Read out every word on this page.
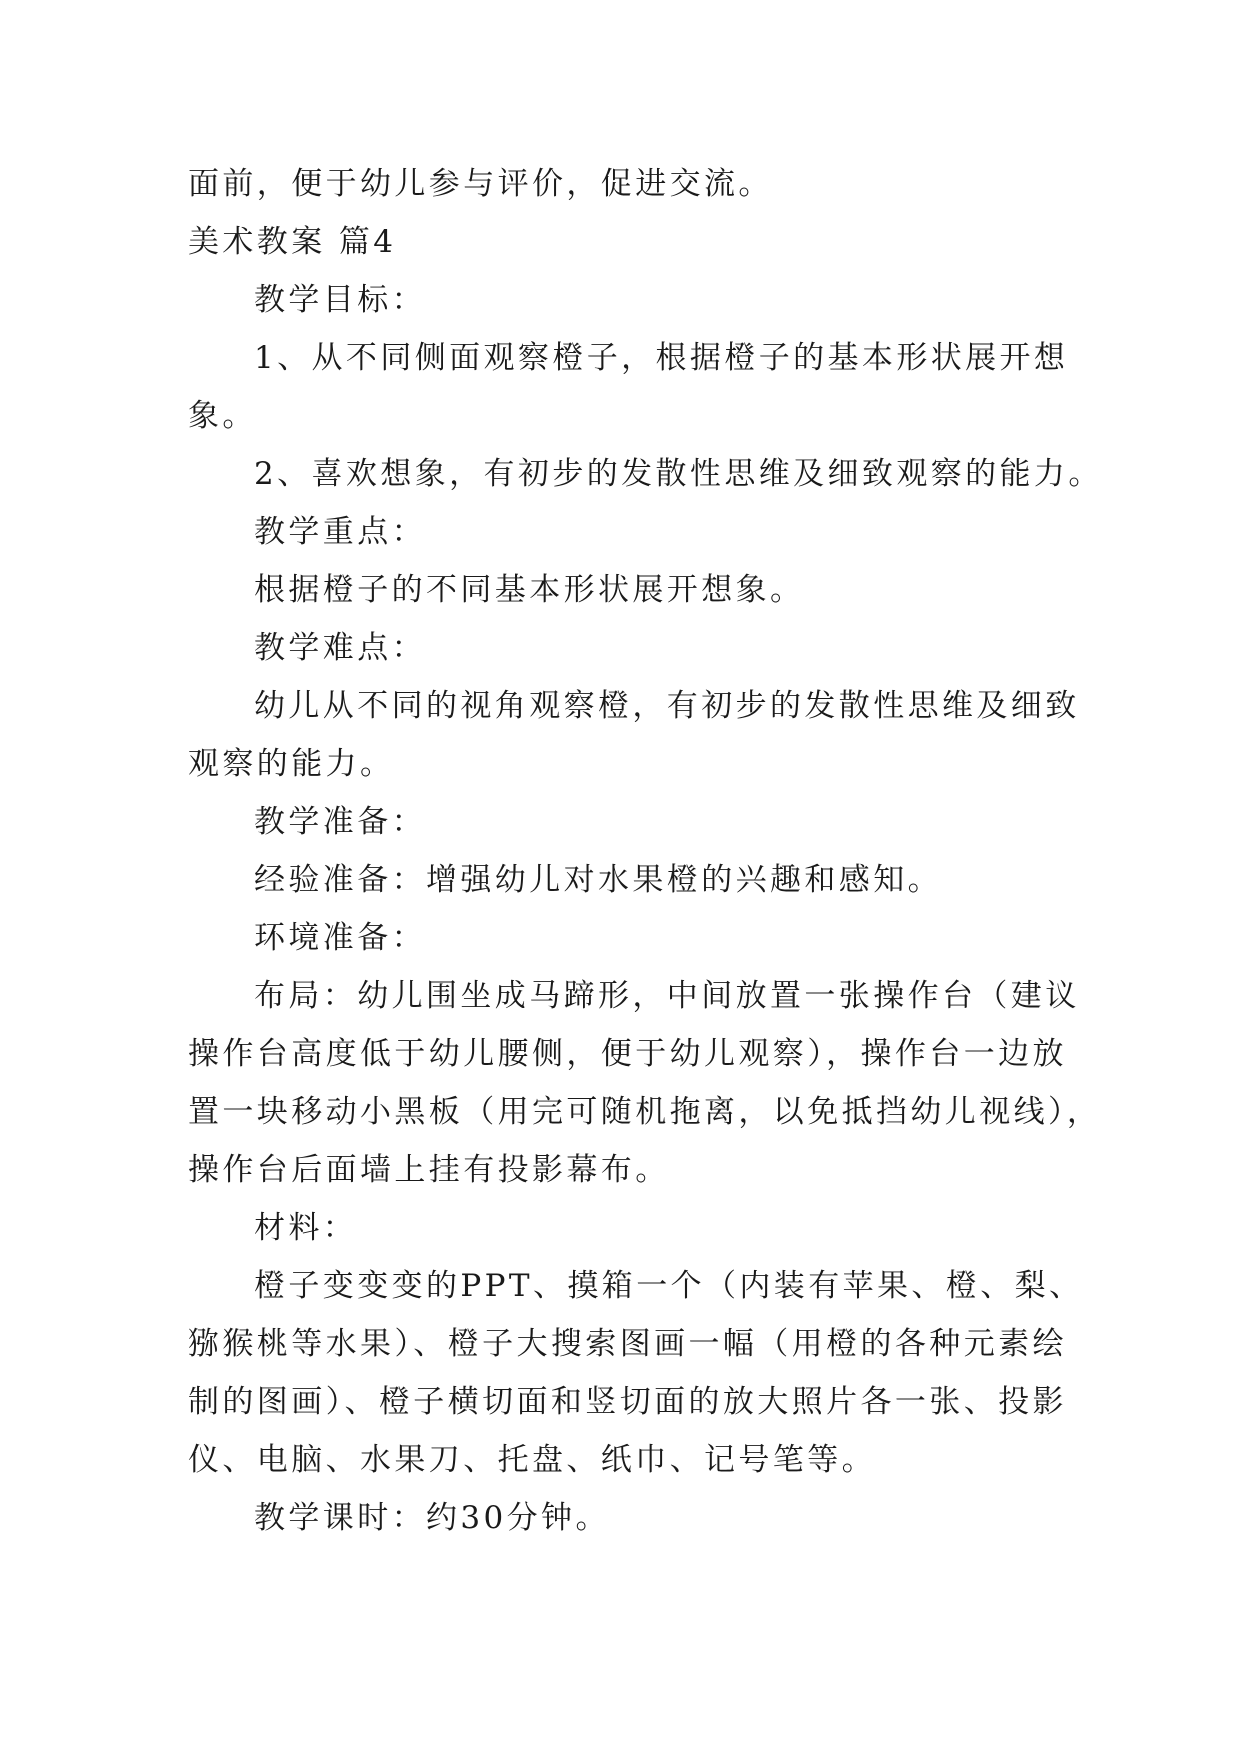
面前，便于幼儿参与评价，促进交流。
美术教案 篇4
教学目标：
1、从不同侧面观察橙子，根据橙子的基本形状展开想
象。
2、喜欢想象，有初步的发散性思维及细致观察的能力。
教学重点：
根据橙子的不同基本形状展开想象。
教学难点：
幼儿从不同的视角观察橙，有初步的发散性思维及细致
观察的能力。
教学准备：
经验准备：增强幼儿对水果橙的兴趣和感知。
环境准备：
布局：幼儿围坐成马蹄形，中间放置一张操作台（建议
操作台高度低于幼儿腰侧，便于幼儿观察），操作台一边放
置一块移动小黑板（用完可随机拖离，以免抵挡幼儿视线），
操作台后面墙上挂有投影幕布。
材料：
橙子变变变的PPT、摸箱一个（内装有苹果、橙、梨、
猕猴桃等水果）、橙子大搜索图画一幅（用橙的各种元素绘
制的图画）、橙子横切面和竖切面的放大照片各一张、投影
仪、电脑、水果刀、托盘、纸巾、记号笔等。
教学课时：约30分钟。
